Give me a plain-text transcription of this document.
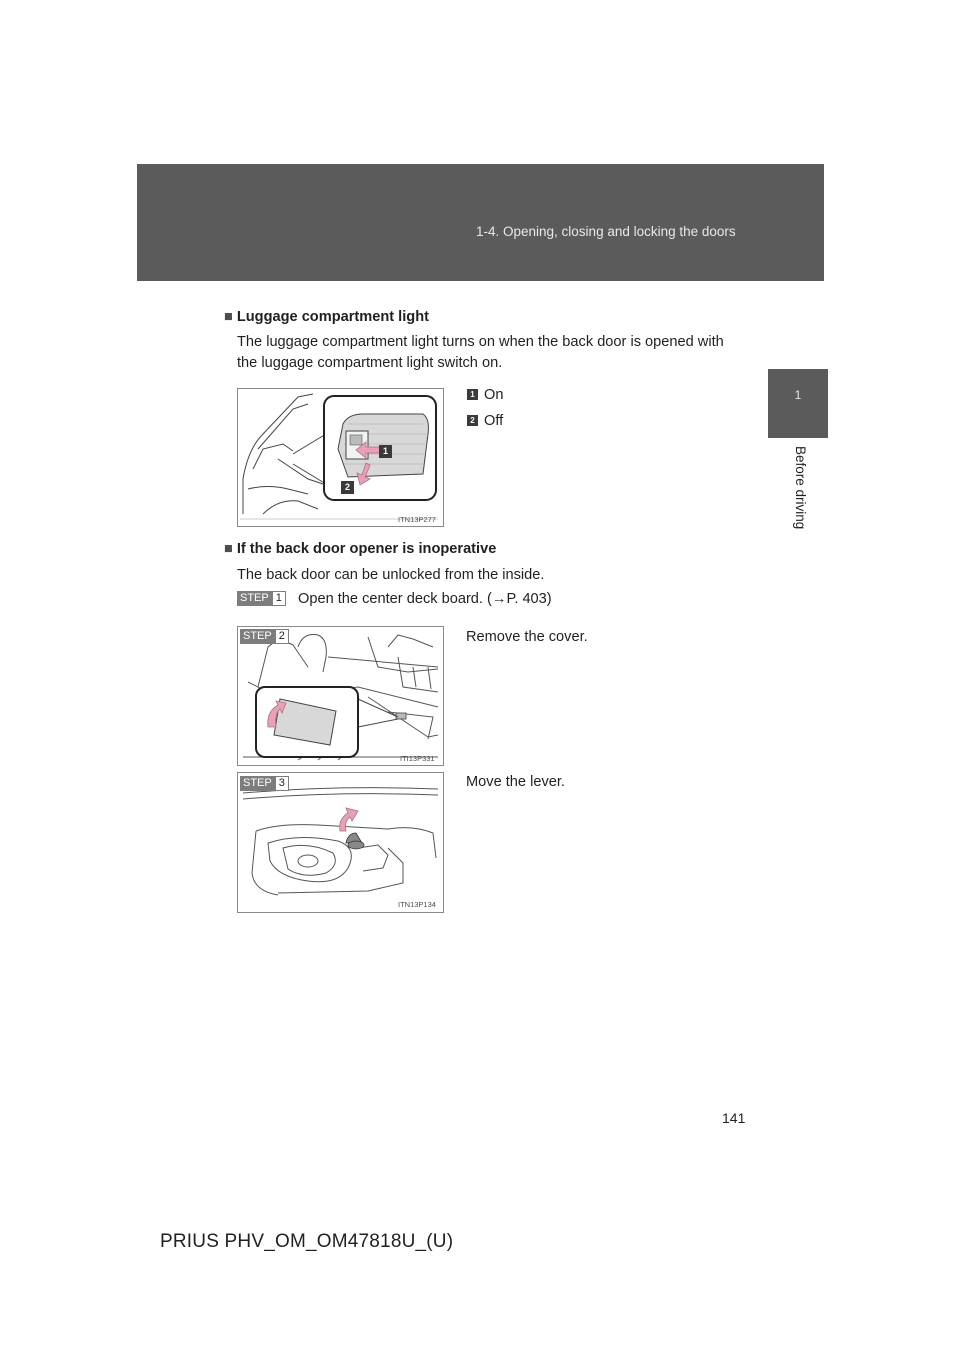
1-4. Opening, closing and locking the doors
1
Before driving
■ Luggage compartment light
The luggage compartment light turns on when the back door is opened with
the luggage compartment light switch on.
1
2
ITN13P277
1 On
2 Off
■ If the back door opener is inoperative
The back door can be unlocked from the inside.
STEP 1 Open the center deck board. (→P. 403)
STEP 2
ITI13P331
Remove the cover.
STEP 3
ITN13P134
Move the lever.
141
PRIUS PHV_OM_OM47818U_(U)
